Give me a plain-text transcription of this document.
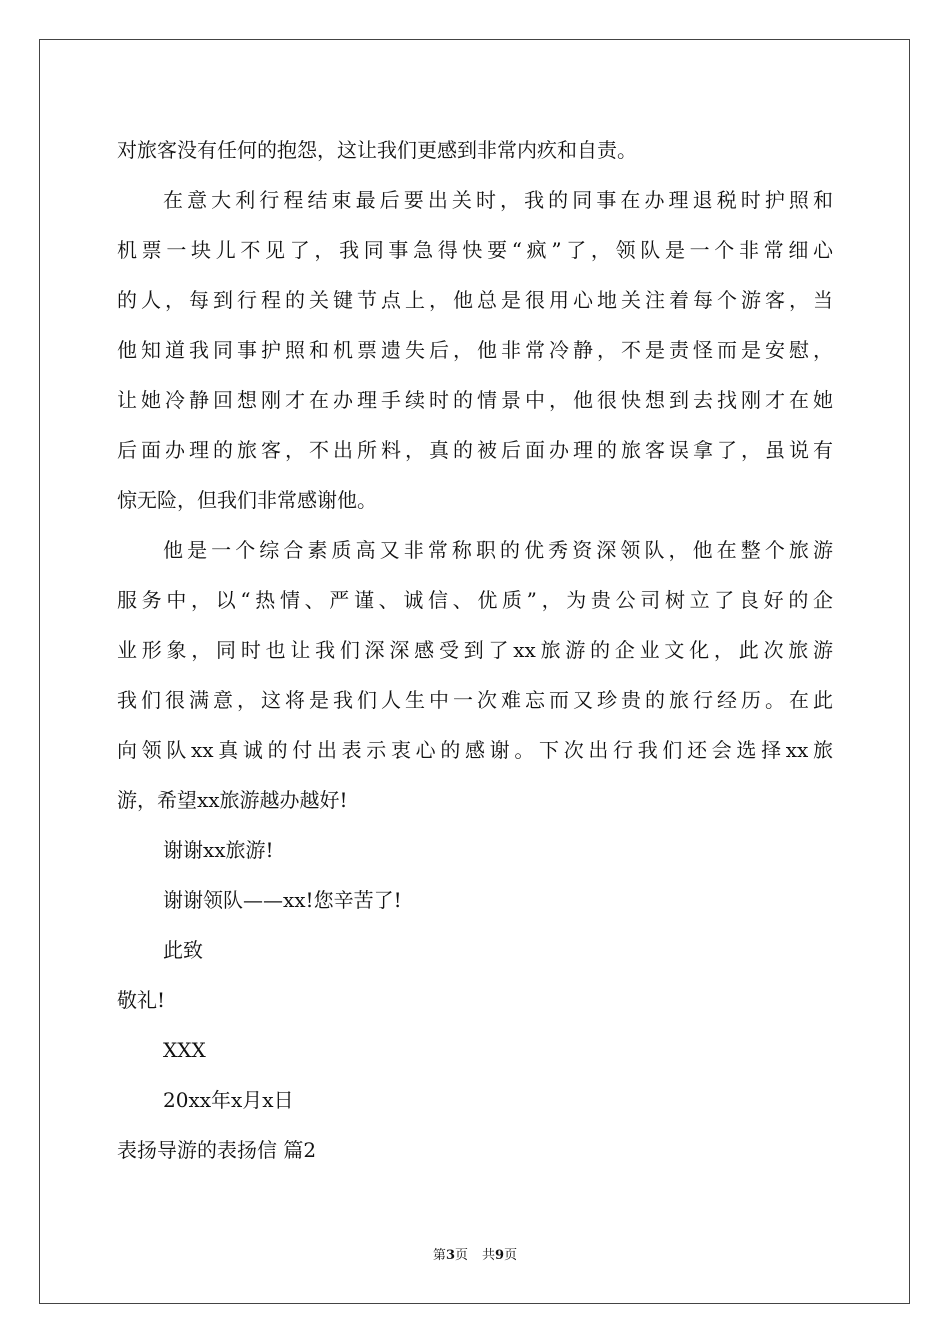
对旅客没有任何的抱怨，这让我们更感到非常内疚和自责。
在意大利行程结束最后要出关时，我的同事在办理退税时护照和
机票一块儿不见了，我同事急得快要“疯”了，领队是一个非常细心
的人，每到行程的关键节点上，他总是很用心地关注着每个游客，当
他知道我同事护照和机票遗失后，他非常冷静，不是责怪而是安慰，
让她冷静回想刚才在办理手续时的情景中，他很快想到去找刚才在她
后面办理的旅客，不出所料，真的被后面办理的旅客误拿了，虽说有
惊无险，但我们非常感谢他。
他是一个综合素质高又非常称职的优秀资深领队，他在整个旅游
服务中，以“热情、严谨、诚信、优质”，为贵公司树立了良好的企
业形象，同时也让我们深深感受到了xx旅游的企业文化，此次旅游
我们很满意，这将是我们人生中一次难忘而又珍贵的旅行经历。在此
向领队xx真诚的付出表示衷心的感谢。下次出行我们还会选择xx旅
游，希望xx旅游越办越好!
谢谢xx旅游!
谢谢领队——xx!您辛苦了!
此致
敬礼!
XXX
20xx年x月x日
表扬导游的表扬信 篇2
第3页 共9页
